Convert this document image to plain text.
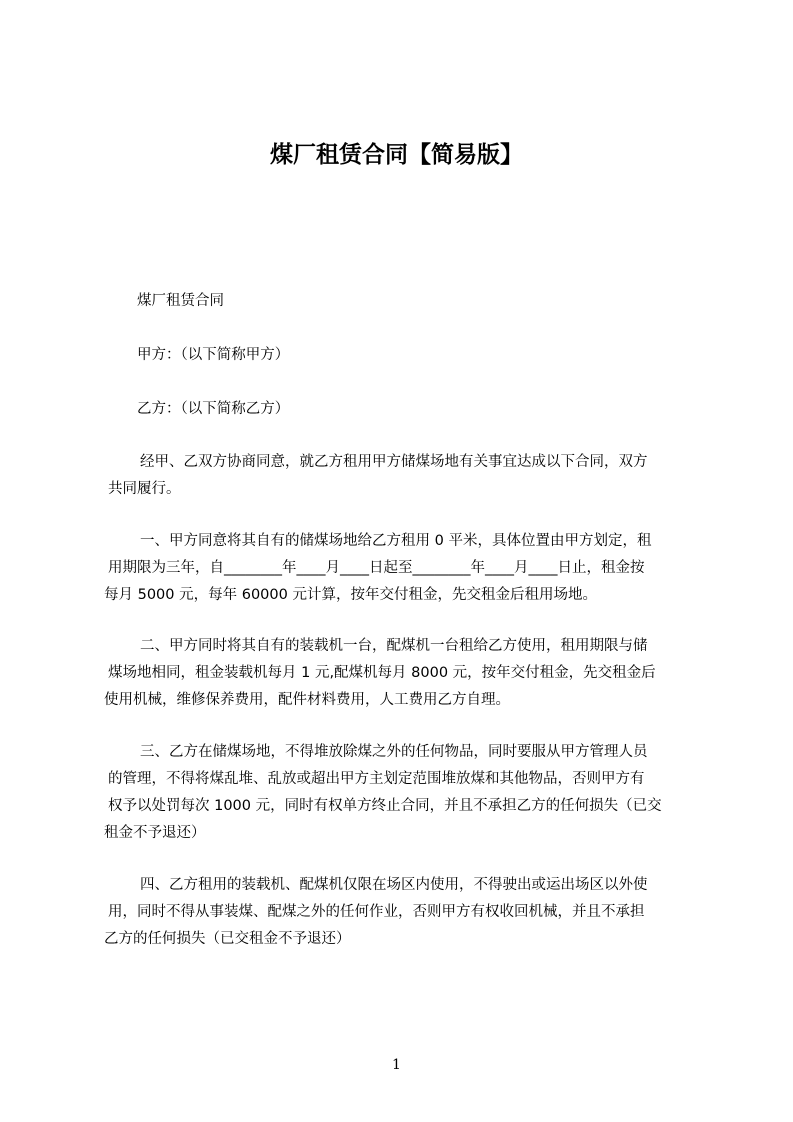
煤厂租赁合同【简易版】
煤厂租赁合同
甲方：（以下简称甲方）
乙方：（以下简称乙方）
经甲、乙双方协商同意，就乙方租用甲方储煤场地有关事宜达成以下合同，双方
共同履行。
一、甲方同意将其自有的储煤场地给乙方租用 0 平米，具体位置由甲方划定，租
用期限为三年，自________年____月____日起至________年____月____日止，租金按
每月 5000 元，每年 60000 元计算，按年交付租金，先交租金后租用场地。
二、甲方同时将其自有的装载机一台，配煤机一台租给乙方使用，租用期限与储
煤场地相同，租金装载机每月 1 元,配煤机每月 8000 元，按年交付租金，先交租金后
使用机械，维修保养费用，配件材料费用，人工费用乙方自理。
三、乙方在储煤场地，不得堆放除煤之外的任何物品，同时要服从甲方管理人员
的管理，不得将煤乱堆、乱放或超出甲方主划定范围堆放煤和其他物品，否则甲方有
权予以处罚每次 1000 元，同时有权单方终止合同，并且不承担乙方的任何损失（已交
租金不予退还）
四、乙方租用的装载机、配煤机仅限在场区内使用，不得驶出或运出场区以外使
用，同时不得从事装煤、配煤之外的任何作业，否则甲方有权收回机械，并且不承担
乙方的任何损失（已交租金不予退还）
1
